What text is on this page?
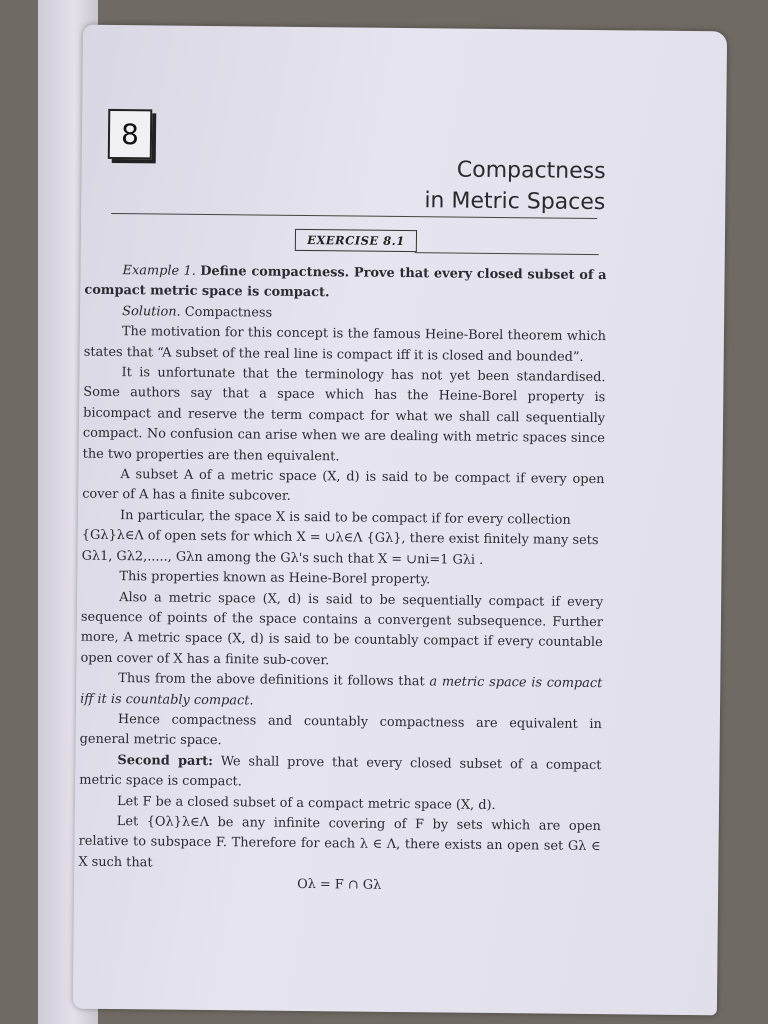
8
Compactness
in Metric Spaces
EXERCISE 8.1

Example 1. Define compactness. Prove that every closed subset of a compact metric space is compact.

Solution. Compactness

The motivation for this concept is the famous Heine-Borel theorem which states that “A subset of the real line is compact iff it is closed and bounded”.

It is unfortunate that the terminology has not yet been standardised. Some authors say that a space which has the Heine-Borel property is bicompact and reserve the term compact for what we shall call sequentially compact. No confusion can arise when we are dealing with metric spaces since the two properties are then equivalent.

A subset A of a metric space (X, d) is said to be compact if every open cover of A has a finite subcover.

In particular, the space X is said to be compact if for every collection

{Gλ}λ∈Λ of open sets for which X = ∪λ∈Λ {Gλ}, there exist finitely many sets

Gλ1, Gλ2,....., Gλn among the Gλ's such that X = ∪ni=1 Gλi .

This properties known as Heine-Borel property.

Also a metric space (X, d) is said to be sequentially compact if every sequence of points of the space contains a convergent subsequence. Further more, A metric space (X, d) is said to be countably compact if every countable open cover of X has a finite sub-cover.

Thus from the above definitions it follows that a metric space is compact iff it is countably compact.

Hence compactness and countably compactness are equivalent in general metric space.

Second part: We shall prove that every closed subset of a compact metric space is compact.

Let F be a closed subset of a compact metric space (X, d).

Let {Oλ}λ∈Λ be any infinite covering of F by sets which are open relative to subspace F. Therefore for each λ ∈ Λ, there exists an open set Gλ ∈ X such that

Oλ = F ∩ Gλ
